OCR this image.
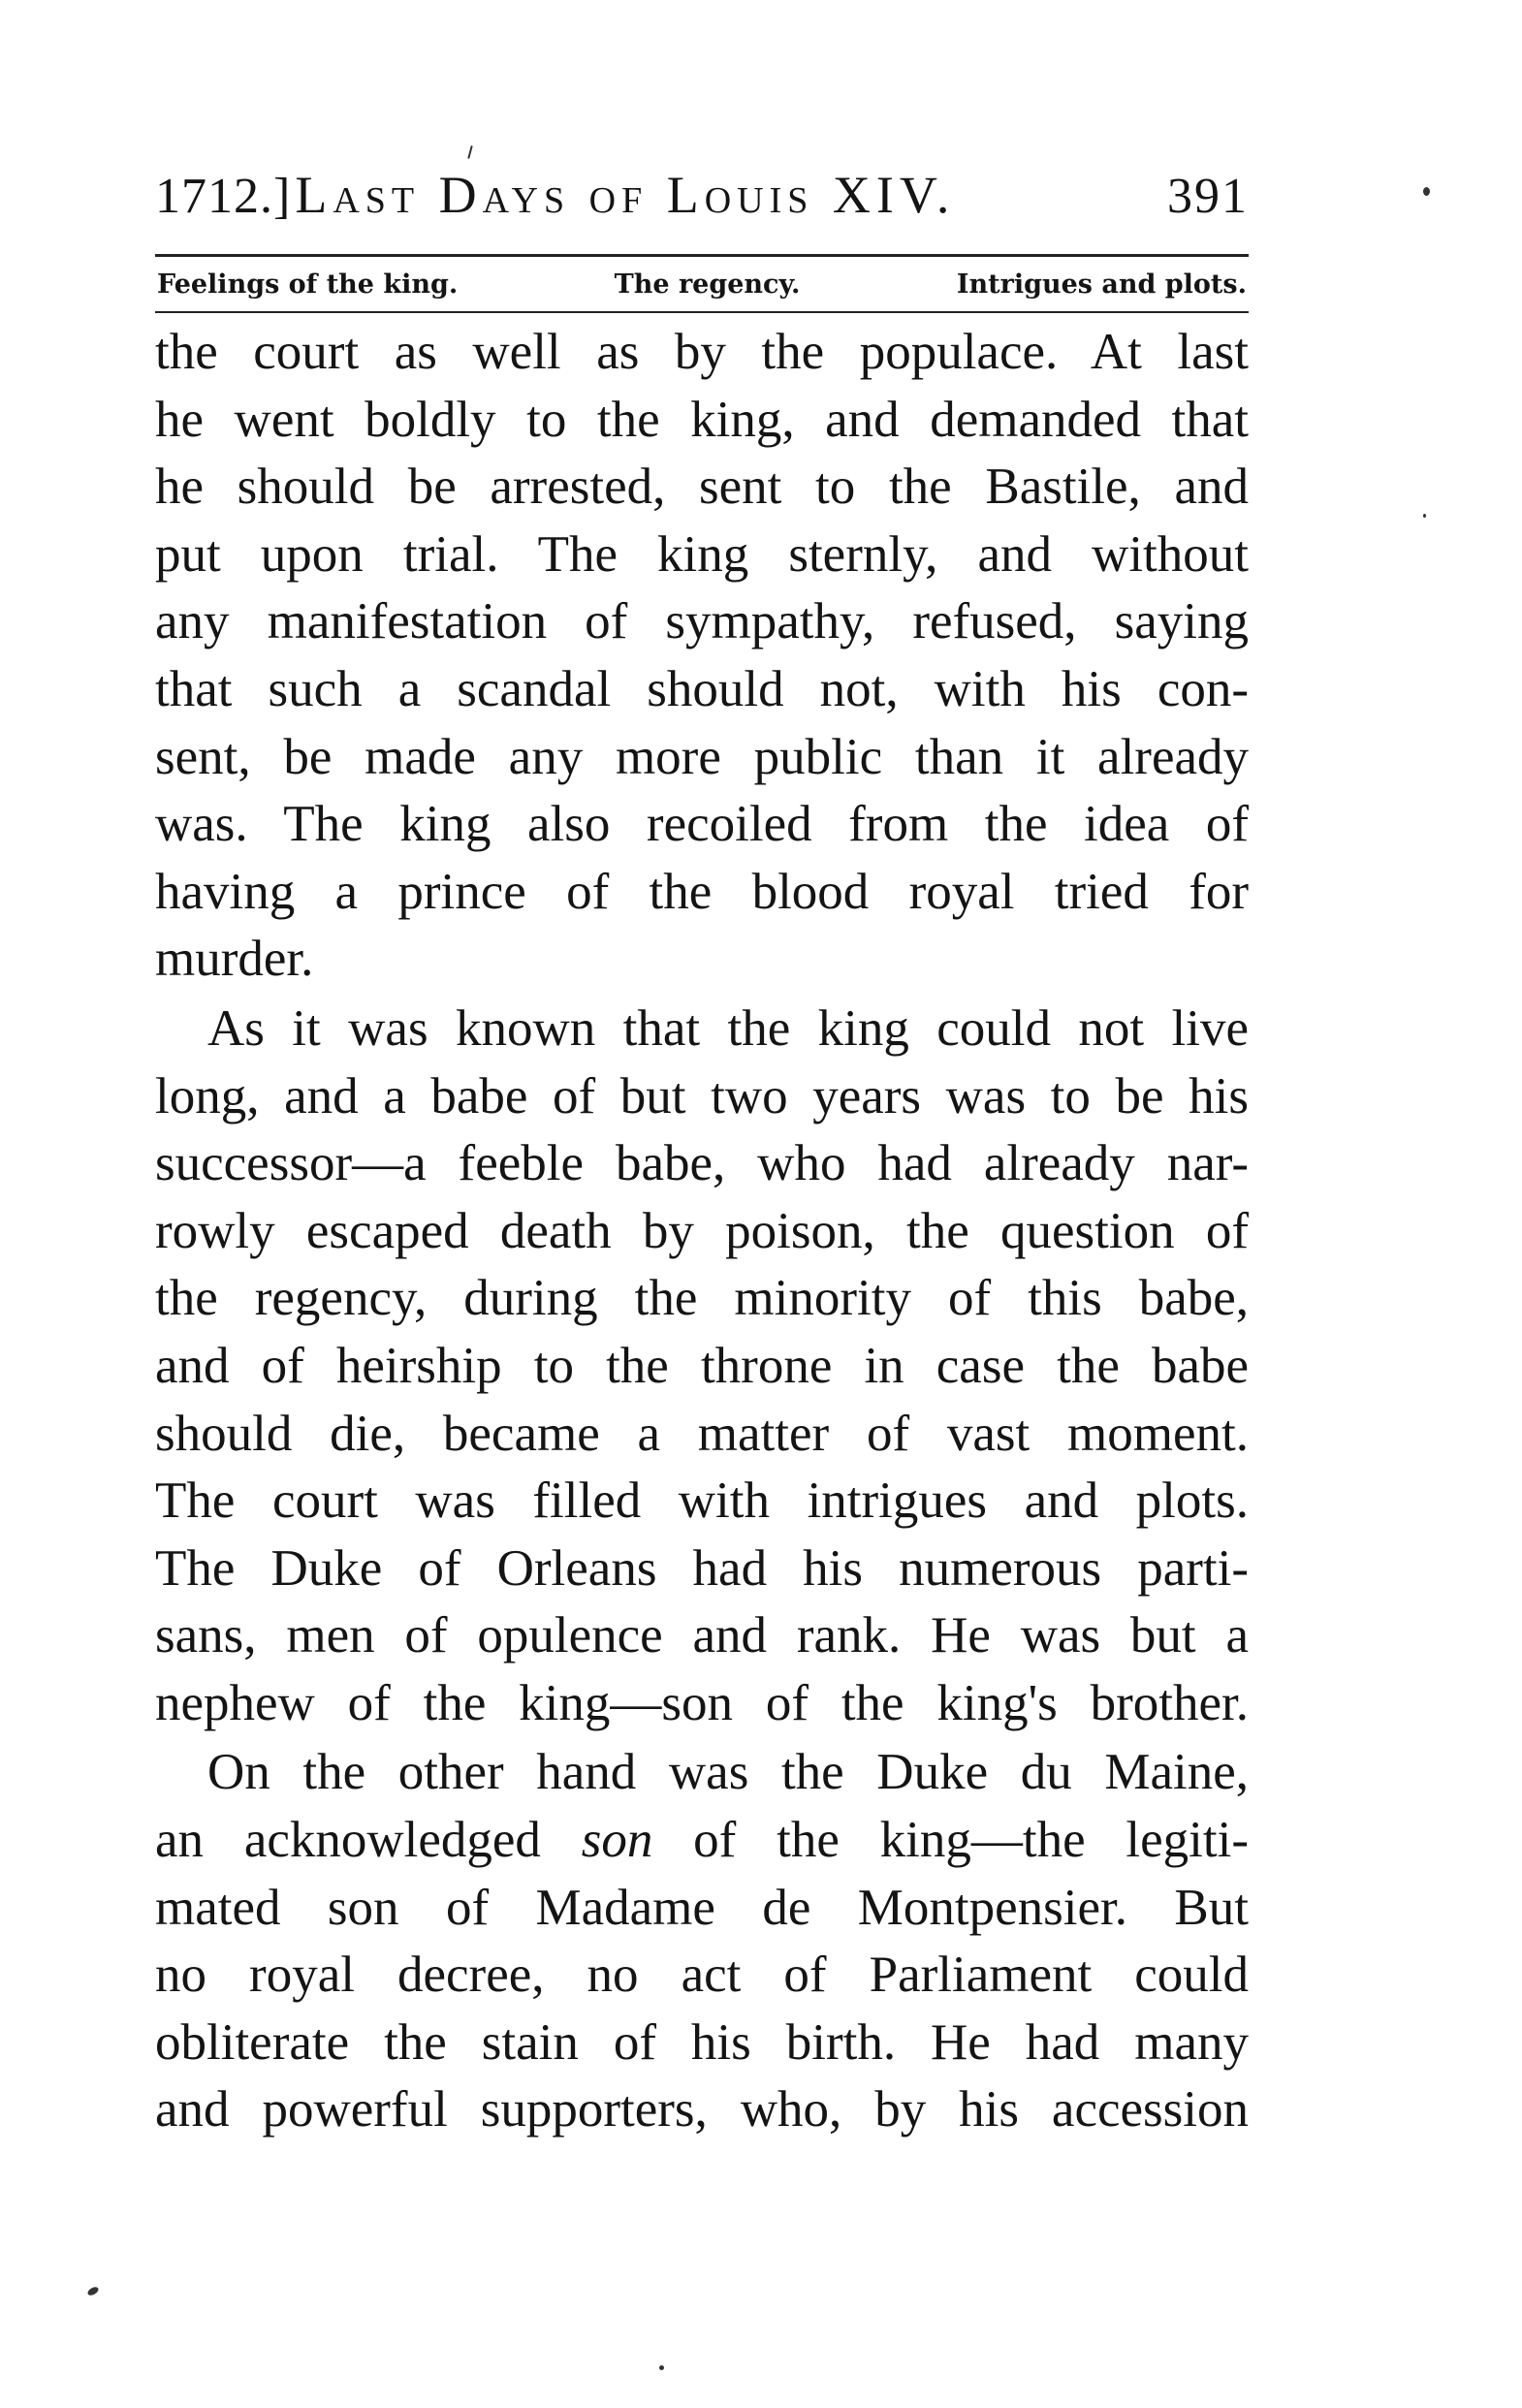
1712.] Last Days of Louis XIV.	391
Feelings of the king.	The regency.	Intrigues and plots.
the court as well as by the populace. At last
he went boldly to the king, and demanded that
he should be arrested, sent to the Bastile, and
put upon trial. The king sternly, and without
any manifestation of sympathy, refused, saying
that such a scandal should not, with his con-
sent, be made any more public than it already
was. The king also recoiled from the idea of
having a prince of the blood royal tried for
murder.
As it was known that the king could not live
long, and a babe of but two years was to be his
successor—a feeble babe, who had already nar-
rowly escaped death by poison, the question of
the regency, during the minority of this babe,
and of heirship to the throne in case the babe
should die, became a matter of vast moment.
The court was filled with intrigues and plots.
The Duke of Orleans had his numerous parti-
sans, men of opulence and rank. He was but a
nephew of the king—son of the king's brother.
On the other hand was the Duke du Maine,
an acknowledged son of the king—the legiti-
mated son of Madame de Montpensier. But
no royal decree, no act of Parliament could
obliterate the stain of his birth. He had many
and powerful supporters, who, by his accession
